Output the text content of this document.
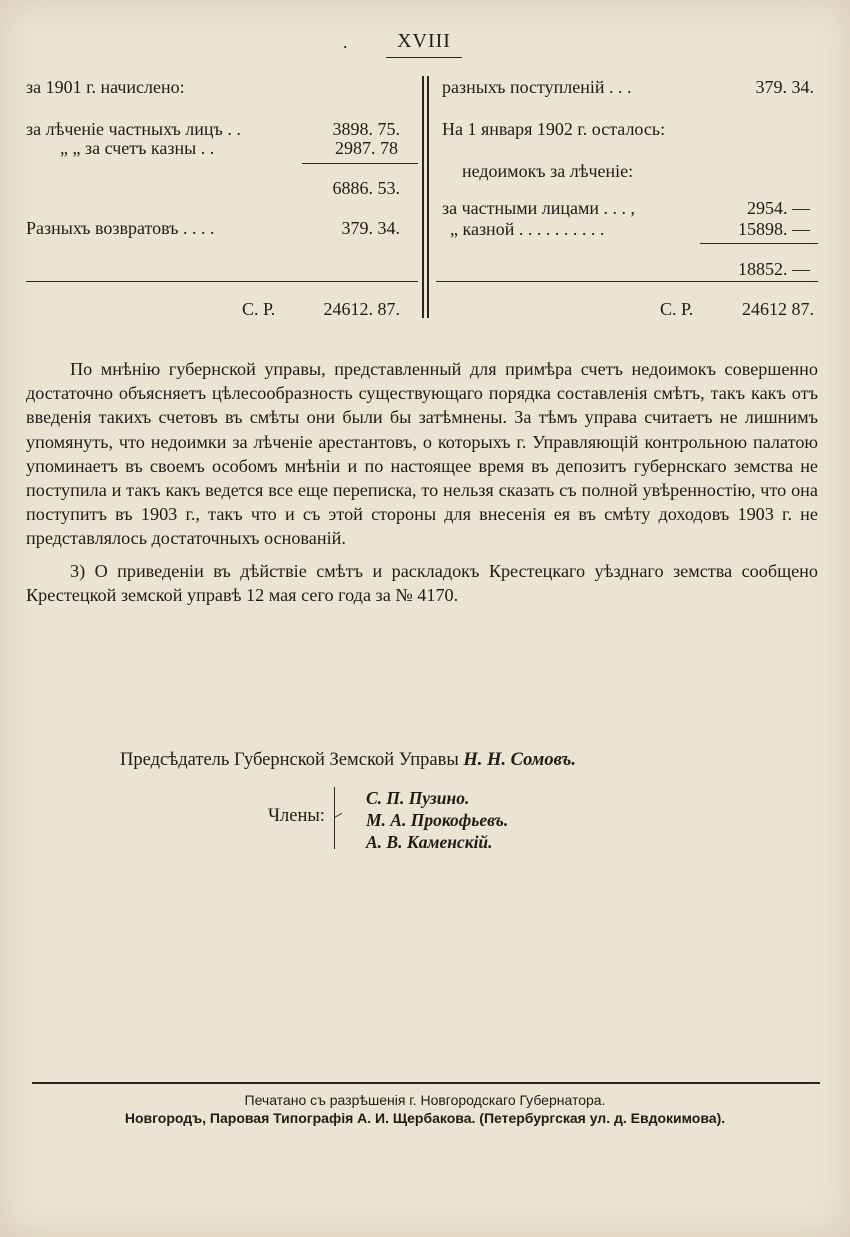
.	XVIII
за 1901 г. начислено:
за лѣченіе частныхъ лицъ . .	3898. 75.
„ „ за счетъ казны . .	2987. 78
6886. 53.
Разныхъ возвратовъ . . . .	379. 34.
С. Р.	24612. 87.
разныхъ поступленій . . .	379. 34.
На 1 января 1902 г. осталось:
недоимокъ за лѣченіе:
за частными лицами . . . ,	2954. —
„ казной . . . . . . . . . .	15898. —
18852. —
С. Р.	24612 87.

По мнѣнію губернской управы, представленный для примѣра счетъ недоимокъ совершенно достаточно объясняетъ цѣлесообразность существующаго порядка составленія смѣтъ, такъ какъ отъ введенія такихъ счетовъ въ смѣты они были бы затѣмнены. За тѣмъ управа считаетъ не лишнимъ упомянуть, что недоимки за лѣченіе арестантовъ, о которыхъ г. Управляющій контрольною палатою упоминаетъ въ своемъ особомъ мнѣніи и по настоящее время въ депозитъ губернскаго земства не поступила и такъ какъ ведется все еще переписка, то нельзя сказать съ полной увѣренностію, что она поступитъ въ 1903 г., такъ что и съ этой стороны для внесенія ея въ смѣту доходовъ 1903 г. не представлялось достаточныхъ основаній.

3) О приведеніи въ дѣйствіе смѣтъ и раскладокъ Крестецкаго уѣзднаго земства сообщено Крестецкой земской управѣ 12 мая сего года за № 4170.

Предсѣдатель Губернской Земской Управы Н. Н. Сомовъ.
Члены:
С. П. Пузино.
М. А. Прокофьевъ.
А. В. Каменскій.
Печатано съ разрѣшенія г. Новгородскаго Губернатора.
Новгородъ, Паровая Типографія А. И. Щербакова. (Петербургская ул. д. Евдокимова).
